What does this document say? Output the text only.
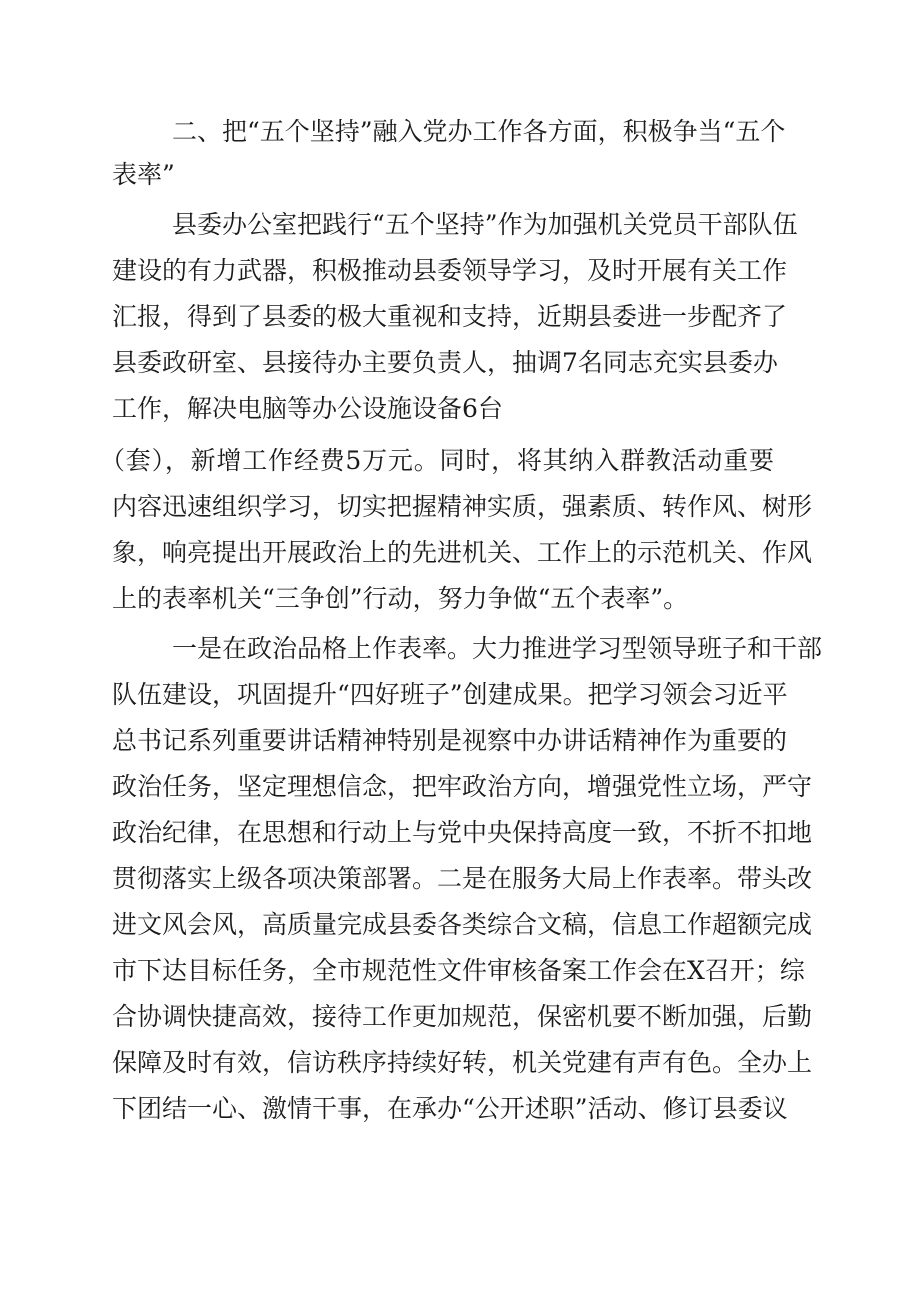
二、把“五个坚持”融入党办工作各方面，积极争当“五个
表率”
县委办公室把践行“五个坚持”作为加强机关党员干部队伍
建设的有力武器，积极推动县委领导学习，及时开展有关工作
汇报，得到了县委的极大重视和支持，近期县委进一步配齐了
县委政研室、县接待办主要负责人，抽调7名同志充实县委办
工作，解决电脑等办公设施设备6台
（套），新增工作经费5万元。同时，将其纳入群教活动重要
内容迅速组织学习，切实把握精神实质，强素质、转作风、树形
象，响亮提出开展政治上的先进机关、工作上的示范机关、作风
上的表率机关“三争创”行动，努力争做“五个表率”。
一是在政治品格上作表率。大力推进学习型领导班子和干部
队伍建设，巩固提升“四好班子”创建成果。把学习领会习近平
总书记系列重要讲话精神特别是视察中办讲话精神作为重要的
政治任务，坚定理想信念，把牢政治方向，增强党性立场，严守
政治纪律，在思想和行动上与党中央保持高度一致，不折不扣地
贯彻落实上级各项决策部署。二是在服务大局上作表率。带头改
进文风会风，高质量完成县委各类综合文稿，信息工作超额完成
市下达目标任务，全市规范性文件审核备案工作会在X召开；综
合协调快捷高效，接待工作更加规范，保密机要不断加强，后勤
保障及时有效，信访秩序持续好转，机关党建有声有色。全办上
下团结一心、激情干事，在承办“公开述职”活动、修订县委议
